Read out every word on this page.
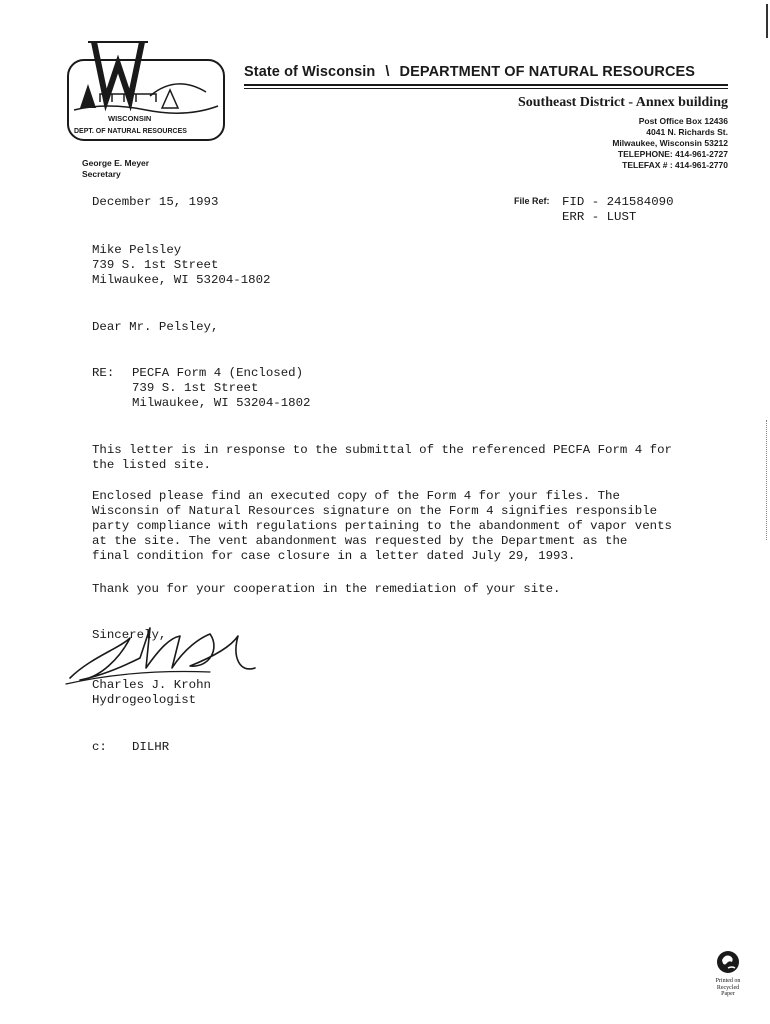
WISCONSIN
DEPT. OF NATURAL RESOURCES
State of Wisconsin \ DEPARTMENT OF NATURAL RESOURCES
Southeast District - Annex building
Post Office Box 12436
4041 N. Richards St.
Milwaukee, Wisconsin 53212
TELEPHONE: 414-961-2727
TELEFAX # : 414-961-2770
George E. Meyer
Secretary
December 15, 1993	File Ref: FID - 241584090
ERR - LUST
Mike Pelsley
739 S. 1st Street
Milwaukee, WI 53204-1802
Dear Mr. Pelsley,
RE: PECFA Form 4 (Enclosed)
739 S. 1st Street
Milwaukee, WI 53204-1802
This letter is in response to the submittal of the referenced PECFA Form 4 for
the listed site.
Enclosed please find an executed copy of the Form 4 for your files. The
Wisconsin of Natural Resources signature on the Form 4 signifies responsible
party compliance with regulations pertaining to the abandonment of vapor vents
at the site. The vent abandonment was requested by the Department as the
final condition for case closure in a letter dated July 29, 1993.
Thank you for your cooperation in the remediation of your site.
Sincerely,
Charles J. Krohn
Hydrogeologist
c: DILHR
Printed on
Recycled
Paper
